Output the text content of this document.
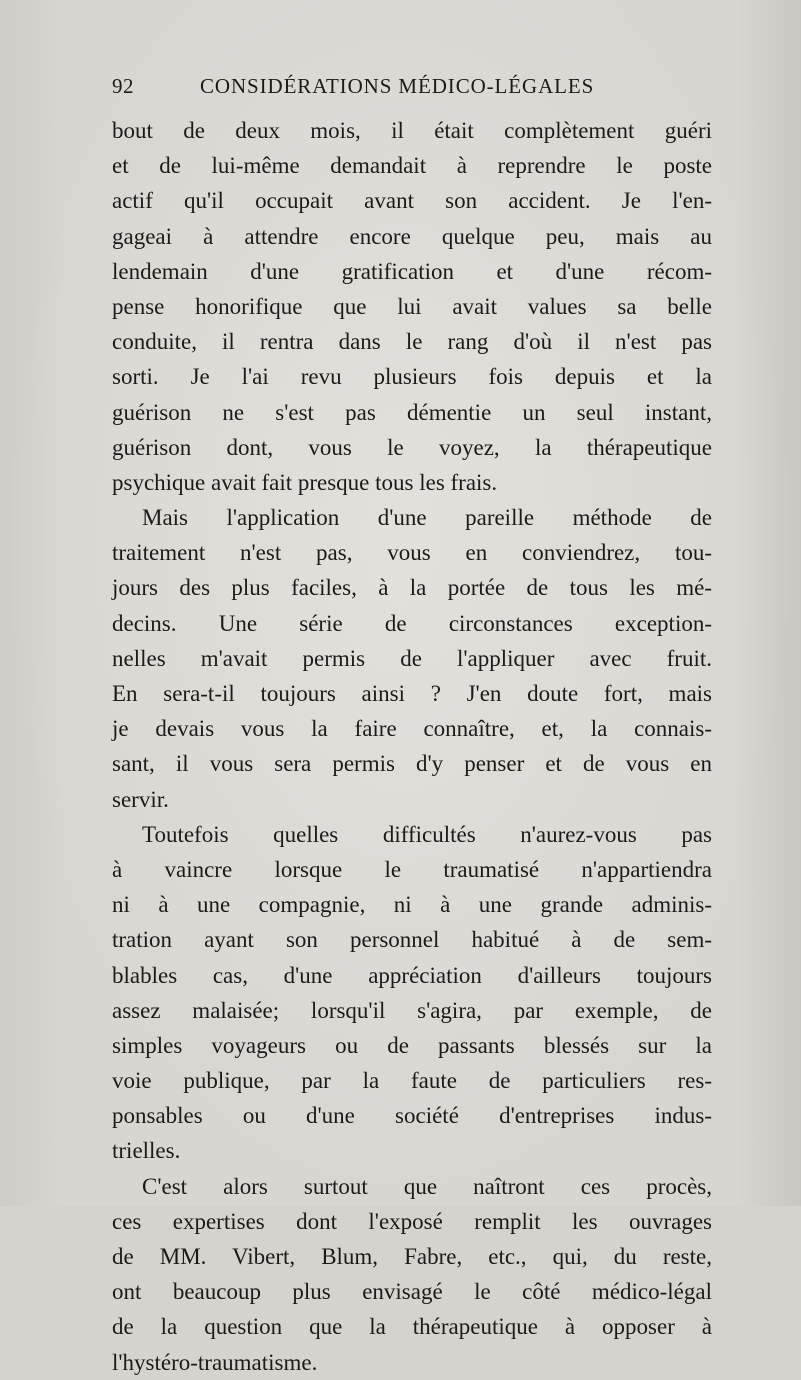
92	CONSIDÉRATIONS MÉDICO-LÉGALES
bout de deux mois, il était complètement guéri
et de lui-même demandait à reprendre le poste
actif qu'il occupait avant son accident. Je l'en-
gageai à attendre encore quelque peu, mais au
lendemain d'une gratification et d'une récom-
pense honorifique que lui avait values sa belle
conduite, il rentra dans le rang d'où il n'est pas
sorti. Je l'ai revu plusieurs fois depuis et la
guérison ne s'est pas démentie un seul instant,
guérison dont, vous le voyez, la thérapeutique
psychique avait fait presque tous les frais.
Mais l'application d'une pareille méthode de
traitement n'est pas, vous en conviendrez, tou-
jours des plus faciles, à la portée de tous les mé-
decins. Une série de circonstances exception-
nelles m'avait permis de l'appliquer avec fruit.
En sera-t-il toujours ainsi ? J'en doute fort, mais
je devais vous la faire connaître, et, la connais-
sant, il vous sera permis d'y penser et de vous en
servir.
Toutefois quelles difficultés n'aurez-vous pas
à vaincre lorsque le traumatisé n'appartiendra
ni à une compagnie, ni à une grande adminis-
tration ayant son personnel habitué à de sem-
blables cas, d'une appréciation d'ailleurs toujours
assez malaisée; lorsqu'il s'agira, par exemple, de
simples voyageurs ou de passants blessés sur la
voie publique, par la faute de particuliers res-
ponsables ou d'une société d'entreprises indus-
trielles.
C'est alors surtout que naîtront ces procès,
ces expertises dont l'exposé remplit les ouvrages
de MM. Vibert, Blum, Fabre, etc., qui, du reste,
ont beaucoup plus envisagé le côté médico-légal
de la question que la thérapeutique à opposer à
l'hystéro-traumatisme.
